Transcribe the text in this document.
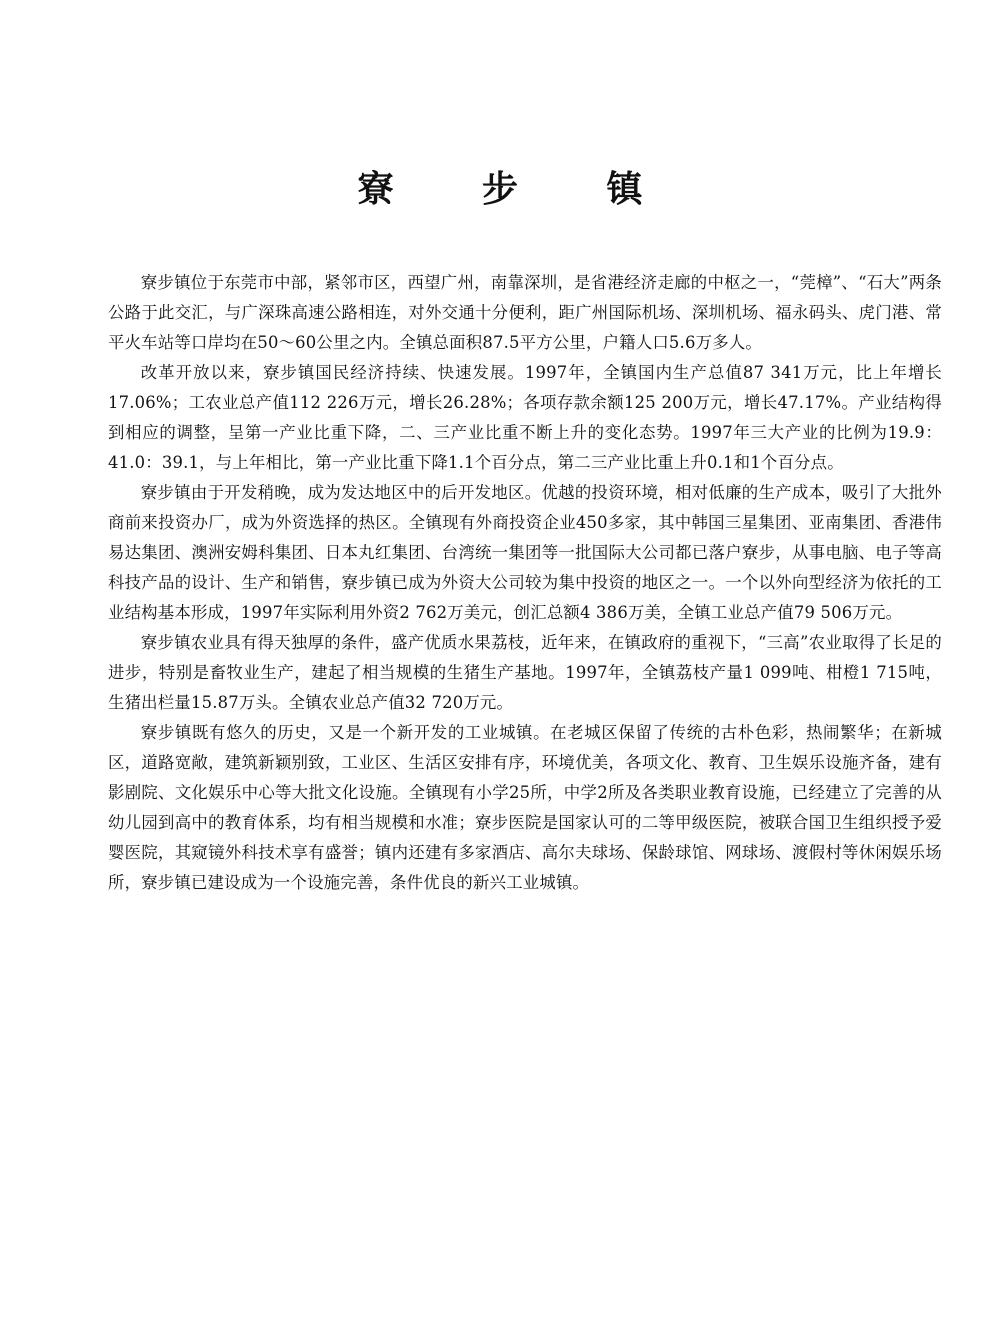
寮 步 镇

寮步镇位于东莞市中部，紧邻市区，西望广州，南靠深圳，是省港经济走廊的中枢之一，“莞樟”、“石大”两条公路于此交汇，与广深珠高速公路相连，对外交通十分便利，距广州国际机场、深圳机场、福永码头、虎门港、常平火车站等口岸均在50～60公里之内。全镇总面积87.5平方公里，户籍人口5.6万多人。

改革开放以来，寮步镇国民经济持续、快速发展。1997年，全镇国内生产总值87 341万元，比上年增长17.06%；工农业总产值112 226万元，增长26.28%；各项存款余额125 200万元，增长47.17%。产业结构得到相应的调整，呈第一产业比重下降，二、三产业比重不断上升的变化态势。1997年三大产业的比例为19.9：41.0：39.1，与上年相比，第一产业比重下降1.1个百分点，第二三产业比重上升0.1和1个百分点。

寮步镇由于开发稍晚，成为发达地区中的后开发地区。优越的投资环境，相对低廉的生产成本，吸引了大批外商前来投资办厂，成为外资选择的热区。全镇现有外商投资企业450多家，其中韩国三星集团、亚南集团、香港伟易达集团、澳洲安姆科集团、日本丸红集团、台湾统一集团等一批国际大公司都已落户寮步，从事电脑、电子等高科技产品的设计、生产和销售，寮步镇已成为外资大公司较为集中投资的地区之一。一个以外向型经济为依托的工业结构基本形成，1997年实际利用外资2 762万美元，创汇总额4 386万美，全镇工业总产值79 506万元。

寮步镇农业具有得天独厚的条件，盛产优质水果荔枝，近年来，在镇政府的重视下，“三高”农业取得了长足的进步，特别是畜牧业生产，建起了相当规模的生猪生产基地。1997年，全镇荔枝产量1 099吨、柑橙1 715吨，生猪出栏量15.87万头。全镇农业总产值32 720万元。

寮步镇既有悠久的历史，又是一个新开发的工业城镇。在老城区保留了传统的古朴色彩，热闹繁华；在新城区，道路宽敞，建筑新颖别致，工业区、生活区安排有序，环境优美，各项文化、教育、卫生娱乐设施齐备，建有影剧院、文化娱乐中心等大批文化设施。全镇现有小学25所，中学2所及各类职业教育设施，已经建立了完善的从幼儿园到高中的教育体系，均有相当规模和水准；寮步医院是国家认可的二等甲级医院，被联合国卫生组织授予爱婴医院，其窥镜外科技术享有盛誉；镇内还建有多家酒店、高尔夫球场、保龄球馆、网球场、渡假村等休闲娱乐场所，寮步镇已建设成为一个设施完善，条件优良的新兴工业城镇。
